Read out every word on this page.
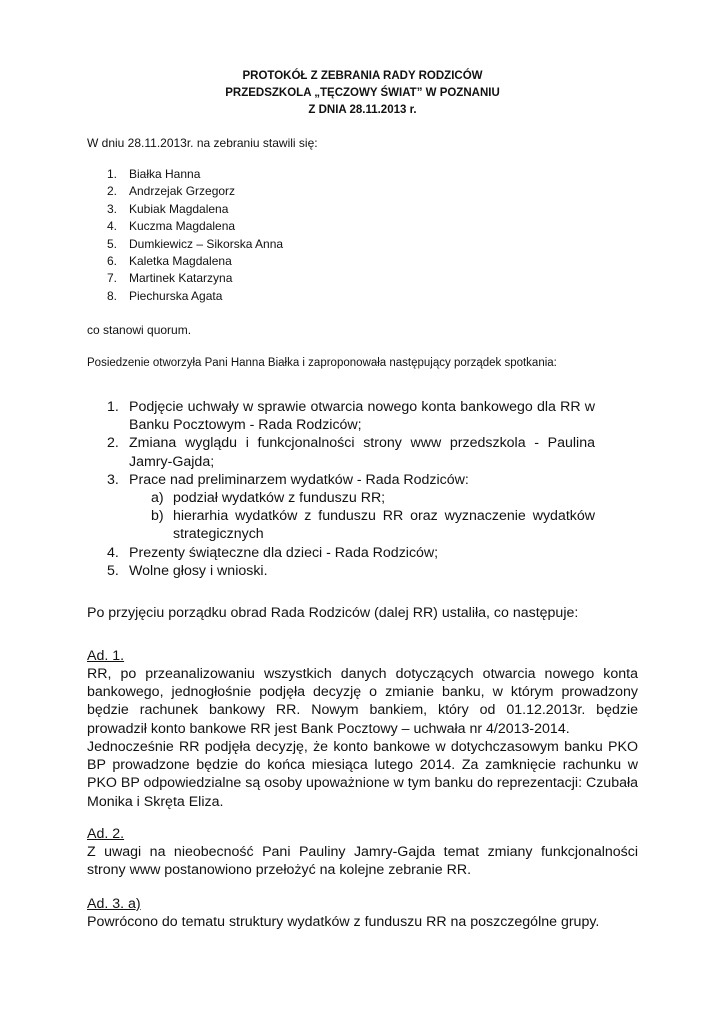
PROTOKÓŁ Z ZEBRANIA RADY RODZICÓW
PRZEDSZKOLA „TĘCZOWY ŚWIAT” W POZNANIU
Z DNIA 28.11.2013 r.
W dniu 28.11.2013r. na zebraniu stawili się:
1. Białka Hanna
2. Andrzejak Grzegorz
3. Kubiak Magdalena
4. Kuczma Magdalena
5. Dumkiewicz – Sikorska Anna
6. Kaletka Magdalena
7. Martinek Katarzyna
8. Piechurska Agata
co stanowi quorum.
Posiedzenie otworzyła Pani Hanna Białka i zaproponowała następujący porządek spotkania:
1. Podjęcie uchwały w sprawie otwarcia nowego konta bankowego dla RR w Banku Pocztowym - Rada Rodziców;
2. Zmiana wyglądu i funkcjonalności strony www przedszkola - Paulina Jamry-Gajda;
3. Prace nad preliminarzem wydatków - Rada Rodziców:
a) podział wydatków z funduszu RR;
b) hierarhia wydatków z funduszu RR oraz wyznaczenie wydatków strategicznych
4. Prezenty świąteczne dla dzieci - Rada Rodziców;
5. Wolne głosy i wnioski.
Po przyjęciu porządku obrad Rada Rodziców (dalej RR) ustaliła, co następuje:
Ad. 1.
RR, po przeanalizowaniu wszystkich danych dotyczących otwarcia nowego konta bankowego, jednogłośnie podjęła decyzję o zmianie banku, w którym prowadzony będzie rachunek bankowy RR. Nowym bankiem, który od 01.12.2013r. będzie prowadził konto bankowe RR jest Bank Pocztowy – uchwała nr 4/2013-2014.
Jednocześnie RR podjęła decyzję, że konto bankowe w dotychczasowym banku PKO BP prowadzone będzie do końca miesiąca lutego 2014. Za zamknięcie rachunku w PKO BP odpowiedzialne są osoby upoważnione w tym banku do reprezentacji: Czubała Monika i Skręta Eliza.
Ad. 2.
Z uwagi na nieobecność Pani Pauliny Jamry-Gajda temat zmiany funkcjonalności strony www postanowiono przełożyć na kolejne zebranie RR.
Ad. 3. a)
Powrócono do tematu struktury wydatków z funduszu RR na poszczególne grupy.
